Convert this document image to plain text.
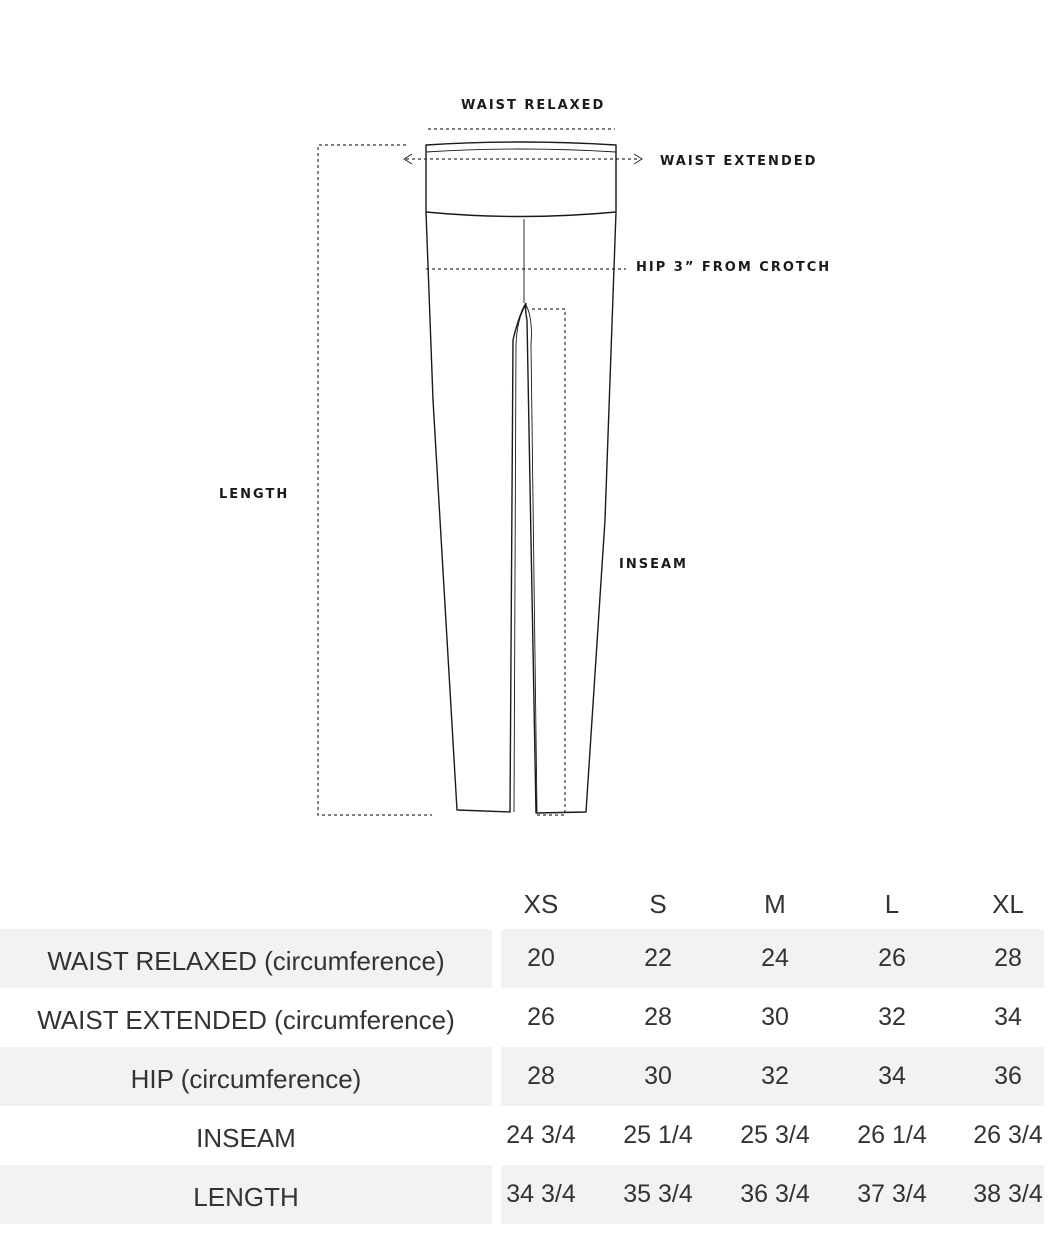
WAIST RELAXED
WAIST EXTENDED
HIP 3” FROM CROTCH
LENGTH
INSEAM
XS	S	M	L	XL
WAIST RELAXED (circumference)	20	22	24	26	28
WAIST EXTENDED (circumference)	26	28	30	32	34
HIP (circumference)	28	30	32	34	36
INSEAM	24 3/4	25 1/4	25 3/4	26 1/4	26 3/4
LENGTH	34 3/4	35 3/4	36 3/4	37 3/4	38 3/4
